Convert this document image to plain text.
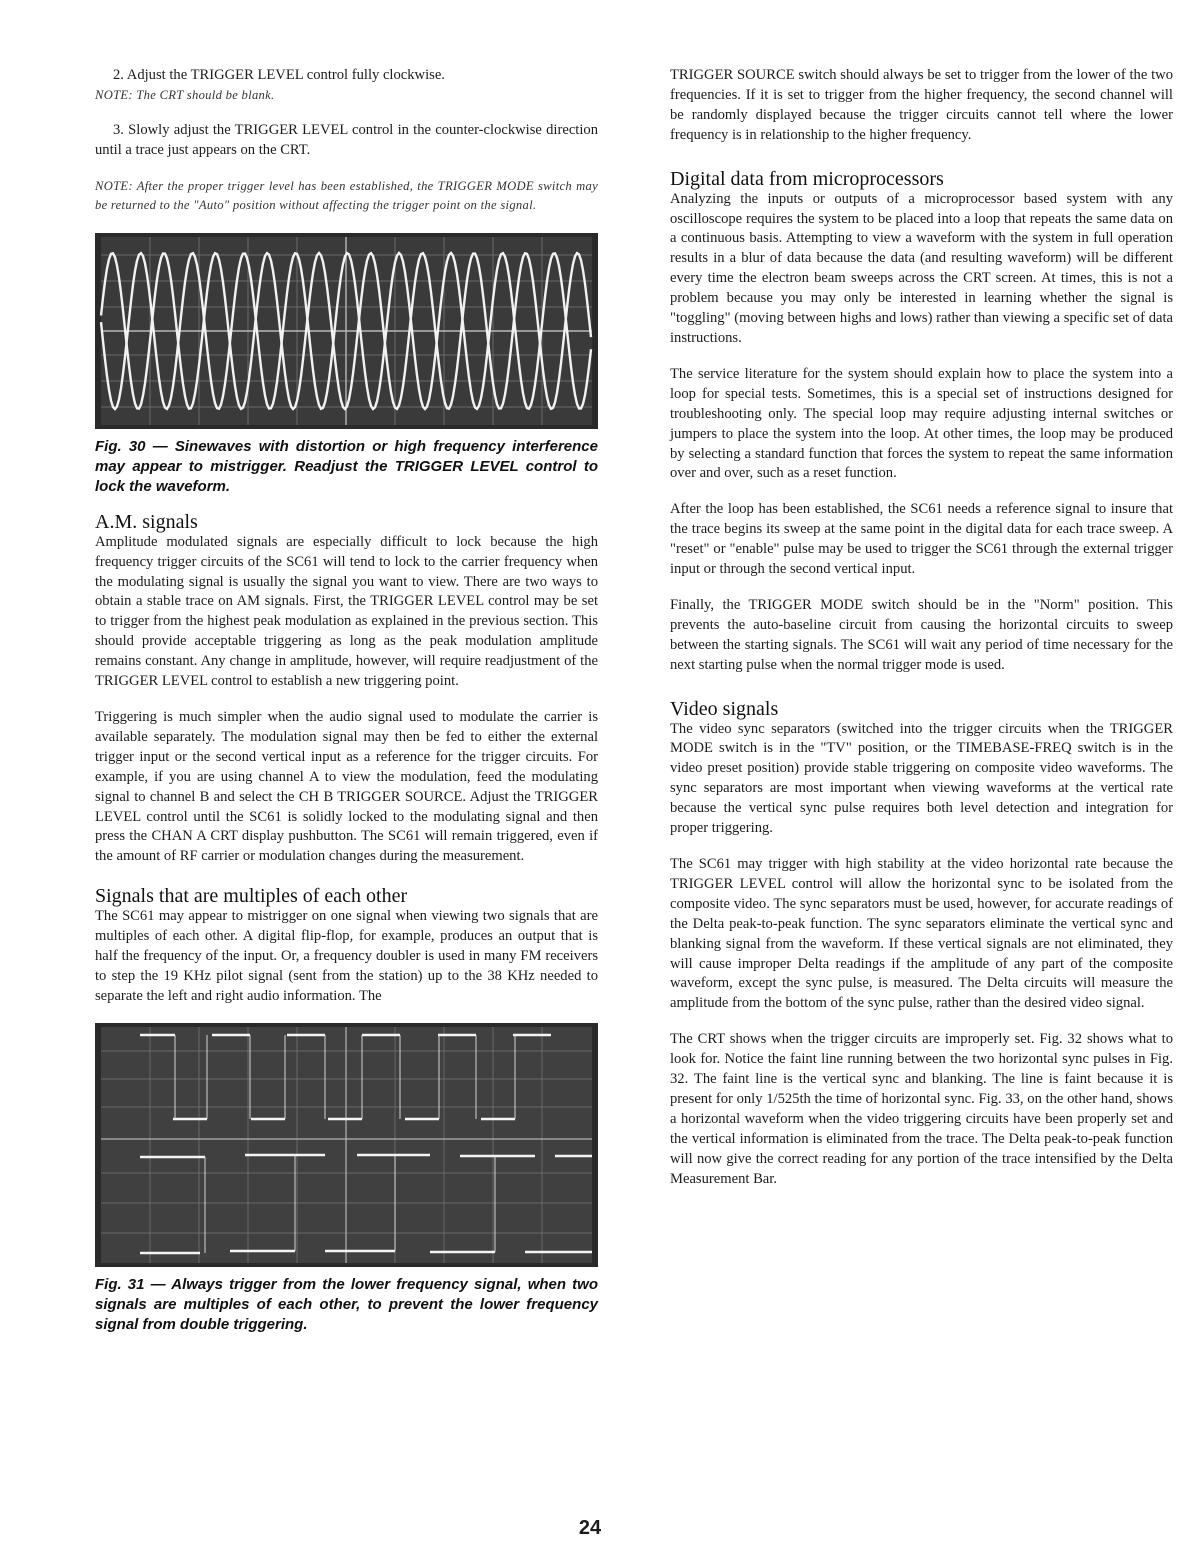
2. Adjust the TRIGGER LEVEL control fully clockwise.

NOTE: The CRT should be blank.

3. Slowly adjust the TRIGGER LEVEL control in the counter-clockwise direction until a trace just appears on the CRT.

NOTE: After the proper trigger level has been established, the TRIGGER MODE switch may be returned to the "Auto" position without affecting the trigger point on the signal.

Fig. 30 — Sinewaves with distortion or high frequency interference may appear to mistrigger. Readjust the TRIGGER LEVEL control to lock the waveform.

A.M. signals

Amplitude modulated signals are especially difficult to lock because the high frequency trigger circuits of the SC61 will tend to lock to the carrier frequency when the modulating signal is usually the signal you want to view. There are two ways to obtain a stable trace on AM signals. First, the TRIGGER LEVEL control may be set to trigger from the highest peak modulation as explained in the previous section. This should provide acceptable triggering as long as the peak modulation amplitude remains constant. Any change in amplitude, however, will require readjustment of the TRIGGER LEVEL control to establish a new triggering point.

Triggering is much simpler when the audio signal used to modulate the carrier is available separately. The modulation signal may then be fed to either the external trigger input or the second vertical input as a reference for the trigger circuits. For example, if you are using channel A to view the modulation, feed the modulating signal to channel B and select the CH B TRIGGER SOURCE. Adjust the TRIGGER LEVEL control until the SC61 is solidly locked to the modulating signal and then press the CHAN A CRT display pushbutton. The SC61 will remain triggered, even if the amount of RF carrier or modulation changes during the measurement.

Signals that are multiples of each other

The SC61 may appear to mistrigger on one signal when viewing two signals that are multiples of each other. A digital flip-flop, for example, produces an output that is half the frequency of the input. Or, a frequency doubler is used in many FM receivers to step the 19 KHz pilot signal (sent from the station) up to the 38 KHz needed to separate the left and right audio information. The

Fig. 31 — Always trigger from the lower frequency signal, when two signals are multiples of each other, to prevent the lower frequency signal from double triggering.

TRIGGER SOURCE switch should always be set to trigger from the lower of the two frequencies. If it is set to trigger from the higher frequency, the second channel will be randomly displayed because the trigger circuits cannot tell where the lower frequency is in relationship to the higher frequency.

Digital data from microprocessors

Analyzing the inputs or outputs of a microprocessor based system with any oscilloscope requires the system to be placed into a loop that repeats the same data on a continuous basis. Attempting to view a waveform with the system in full operation results in a blur of data because the data (and resulting waveform) will be different every time the electron beam sweeps across the CRT screen. At times, this is not a problem because you may only be interested in learning whether the signal is "toggling" (moving between highs and lows) rather than viewing a specific set of data instructions.

The service literature for the system should explain how to place the system into a loop for special tests. Sometimes, this is a special set of instructions designed for troubleshooting only. The special loop may require adjusting internal switches or jumpers to place the system into the loop. At other times, the loop may be produced by selecting a standard function that forces the system to repeat the same information over and over, such as a reset function.

After the loop has been established, the SC61 needs a reference signal to insure that the trace begins its sweep at the same point in the digital data for each trace sweep. A "reset" or "enable" pulse may be used to trigger the SC61 through the external trigger input or through the second vertical input.

Finally, the TRIGGER MODE switch should be in the "Norm" position. This prevents the auto-baseline circuit from causing the horizontal circuits to sweep between the starting signals. The SC61 will wait any period of time necessary for the next starting pulse when the normal trigger mode is used.

Video signals

The video sync separators (switched into the trigger circuits when the TRIGGER MODE switch is in the "TV" position, or the TIMEBASE-FREQ switch is in the video preset position) provide stable triggering on composite video waveforms. The sync separators are most important when viewing waveforms at the vertical rate because the vertical sync pulse requires both level detection and integration for proper triggering.

The SC61 may trigger with high stability at the video horizontal rate because the TRIGGER LEVEL control will allow the horizontal sync to be isolated from the composite video. The sync separators must be used, however, for accurate readings of the Delta peak-to-peak function. The sync separators eliminate the vertical sync and blanking signal from the waveform. If these vertical signals are not eliminated, they will cause improper Delta readings if the amplitude of any part of the composite waveform, except the sync pulse, is measured. The Delta circuits will measure the amplitude from the bottom of the sync pulse, rather than the desired video signal.

The CRT shows when the trigger circuits are improperly set. Fig. 32 shows what to look for. Notice the faint line running between the two horizontal sync pulses in Fig. 32. The faint line is the vertical sync and blanking. The line is faint because it is present for only 1/525th the time of horizontal sync. Fig. 33, on the other hand, shows a horizontal waveform when the video triggering circuits have been properly set and the vertical information is eliminated from the trace. The Delta peak-to-peak function will now give the correct reading for any portion of the trace intensified by the Delta Measurement Bar.

24
